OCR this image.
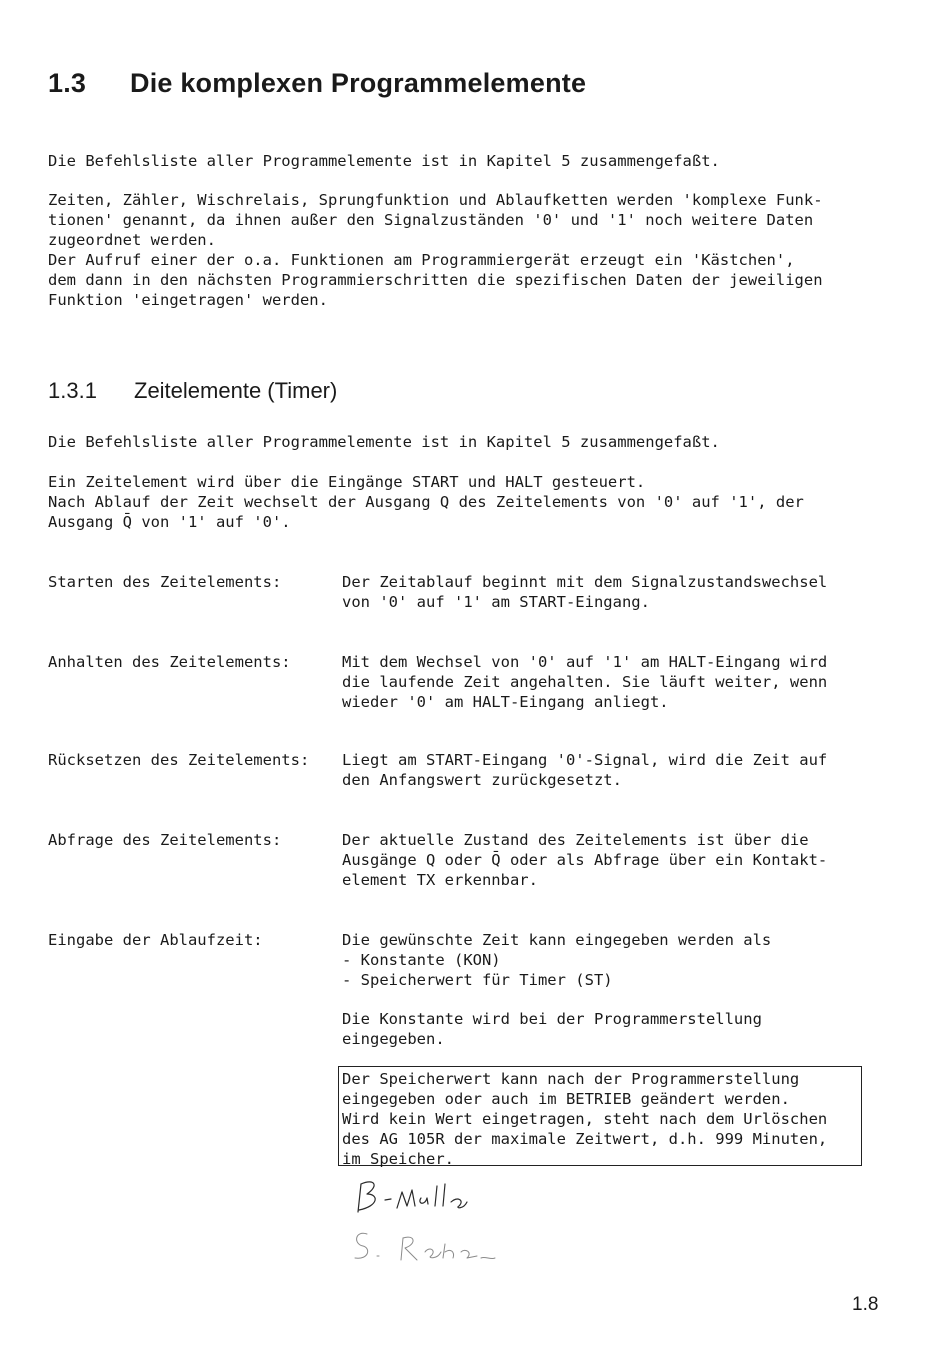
1.3 Die komplexen Programmelemente
Die Befehlsliste aller Programmelemente ist in Kapitel 5 zusammengefaßt.
Zeiten, Zähler, Wischrelais, Sprungfunktion und Ablaufketten werden 'komplexe Funk-
tionen' genannt, da ihnen außer den Signalzuständen '0' und '1' noch weitere Daten
zugeordnet werden.
Der Aufruf einer der o.a. Funktionen am Programmiergerät erzeugt ein 'Kästchen',
dem dann in den nächsten Programmierschritten die spezifischen Daten der jeweiligen
Funktion 'eingetragen' werden.
1.3.1 Zeitelemente (Timer)
Die Befehlsliste aller Programmelemente ist in Kapitel 5 zusammengefaßt.
Ein Zeitelement wird über die Eingänge START und HALT gesteuert.
Nach Ablauf der Zeit wechselt der Ausgang Q des Zeitelements von '0' auf '1', der
Ausgang Q̄ von '1' auf '0'.
Starten des Zeitelements:	Der Zeitablauf beginnt mit dem Signalzustandswechsel
von '0' auf '1' am START-Eingang.
Anhalten des Zeitelements:	Mit dem Wechsel von '0' auf '1' am HALT-Eingang wird
die laufende Zeit angehalten. Sie läuft weiter, wenn
wieder '0' am HALT-Eingang anliegt.
Rücksetzen des Zeitelements: Liegt am START-Eingang '0'-Signal, wird die Zeit auf
den Anfangswert zurückgesetzt.
Abfrage des Zeitelements:	Der aktuelle Zustand des Zeitelements ist über die
Ausgänge Q oder Q̄ oder als Abfrage über ein Kontakt-
element TX erkennbar.
Eingabe der Ablaufzeit:	Die gewünschte Zeit kann eingegeben werden als
- Konstante (KON)
- Speicherwert für Timer (ST)
Die Konstante wird bei der Programmerstellung
eingegeben.
Der Speicherwert kann nach der Programmerstellung
eingegeben oder auch im BETRIEB geändert werden.
Wird kein Wert eingetragen, steht nach dem Urlöschen
des AG 105R der maximale Zeitwert, d.h. 999 Minuten,
im Speicher.
1.8
